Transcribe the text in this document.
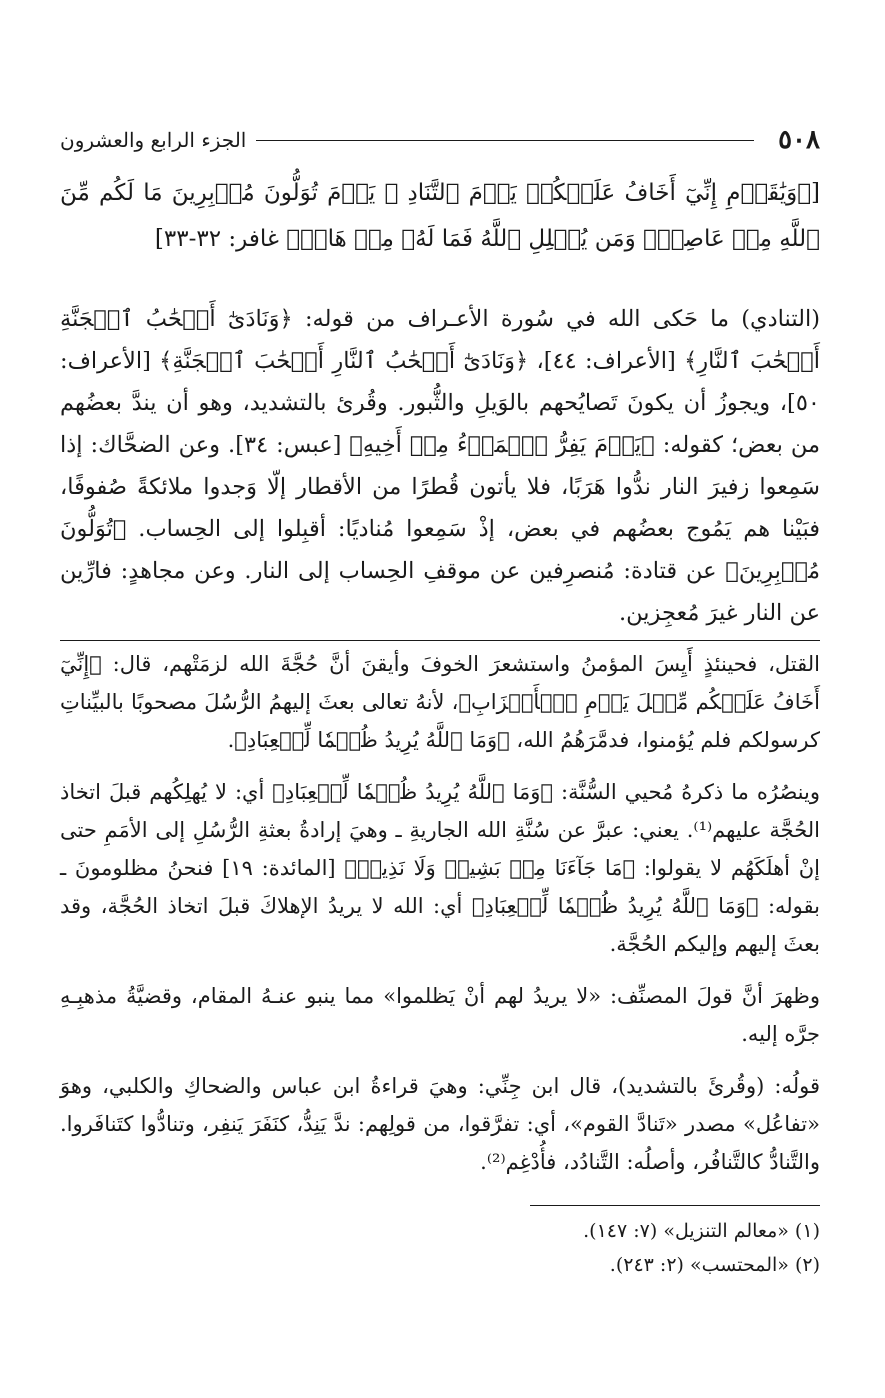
٥٠٨
الجزء الرابع والعشرون

[﴿وَيَٰقَوۡمِ إِنِّيٓ أَخَافُ عَلَيۡكُمۡ يَوۡمَ ٱلتَّنَادِ ۞ يَوۡمَ تُوَلُّونَ مُدۡبِرِينَ مَا لَكُم مِّنَ ٱللَّهِ مِنۡ عَاصِمٖۗ وَمَن يُضۡلِلِ ٱللَّهُ فَمَا لَهُۥ مِنۡ هَادٖ﴾ غافر: ٣٢-٣٣]

(التنادي) ما حَكى الله في سُورة الأعـراف من قوله: ﴿وَنَادَىٰٓ أَصۡحَٰبُ ٱلۡجَنَّةِ أَصۡحَٰبَ ٱلنَّارِ﴾ [الأعراف: ٤٤]، ﴿وَنَادَىٰٓ أَصۡحَٰبُ ٱلنَّارِ أَصۡحَٰبَ ٱلۡجَنَّةِ﴾ [الأعراف: ٥٠]، ويجوزُ أن يكونَ تَصايُحهم بالوَيلِ والثُّبور. وقُرئ بالتشديد، وهو أن يندَّ بعضُهم من بعض؛ كقوله: ﴿يَوۡمَ يَفِرُّ ٱلۡمَرۡءُ مِنۡ أَخِيهِ﴾ [عبس: ٣٤]. وعن الضحَّاك: إذا سَمِعوا زفيرَ النار ندُّوا هَرَبًا، فلا يأتون قُطرًا من الأقطار إلّا وَجدوا ملائكةً صُفوفًا، فبَيْنا هم يَمُوج بعضُهم في بعض، إذْ سَمِعوا مُناديًا: أقبِلوا إلى الحِساب. ﴿تُوَلُّونَ مُدۡبِرِينَ﴾ عن قتادة: مُنصرِفين عن موقفِ الحِساب إلى النار. وعن مجاهدٍ: فارِّين عن النار غيرَ مُعجِزين.

القتل، فحينئذٍ أَيِسَ المؤمنُ واستشعرَ الخوفَ وأيقنَ أنَّ حُجَّةَ الله لزمَتْهم، قال: ﴿إِنِّيٓ أَخَافُ عَلَيۡكُم مِّثۡلَ يَوۡمِ ٱلۡأَحۡزَابِ﴾، لأنهُ تعالى بعثَ إليهمُ الرُّسُلَ مصحوبًا بالبيِّناتِ كرسولكم فلم يُؤمنوا، فدمَّرَهُمُ الله، ﴿وَمَا ٱللَّهُ يُرِيدُ ظُلۡمٗا لِّلۡعِبَادِ﴾.

وينصُرُه ما ذكرهُ مُحيي السُّنَّة: ﴿وَمَا ٱللَّهُ يُرِيدُ ظُلۡمٗا لِّلۡعِبَادِ﴾ أي: لا يُهلِكُهم قبلَ اتخاذ الحُجَّة عليهم⁽¹⁾. يعني: عبرَّ عن سُنَّةِ الله الجاريةِ ـ وهيَ إرادةُ بعثةِ الرُّسُلِ إلى الأمَمِ حتى إنْ أهلَكَهُم لا يقولوا: ﴿مَا جَآءَنَا مِنۢ بَشِيرٖ وَلَا نَذِيرٖ﴾ [المائدة: ١٩] فنحنُ مظلومونَ ـ بقوله: ﴿وَمَا ٱللَّهُ يُرِيدُ ظُلۡمٗا لِّلۡعِبَادِ﴾ أي: الله لا يريدُ الإهلاكَ قبلَ اتخاذ الحُجَّة، وقد بعثَ إليهم وإليكم الحُجَّة.

وظهرَ أنَّ قولَ المصنِّف: «لا يريدُ لهم أنْ يَظلموا» مما ينبو عنـهُ المقام، وقضيَّةُ مذهبِـهِ جرَّه إليه.

قولُه: (وقُرئَ بالتشديد)، قال ابن جِنِّي: وهيَ قراءةُ ابن عباس والضحاكِ والكلبي، وهوَ «تفاعُل» مصدر «تَنادَّ القوم»، أي: تفرَّقوا، من قولِهم: ندَّ يَنِدُّ، كنَفَرَ يَنفِر، وتنادُّوا كتَنافَروا. والتَّنادُّ كالتَّنافُر، وأصلُه: التَّنادُد، فأُدْغِم⁽²⁾.

(١) «معالم التنزيل» (٧: ١٤٧).

(٢) «المحتسب» (٢: ٢٤٣).
